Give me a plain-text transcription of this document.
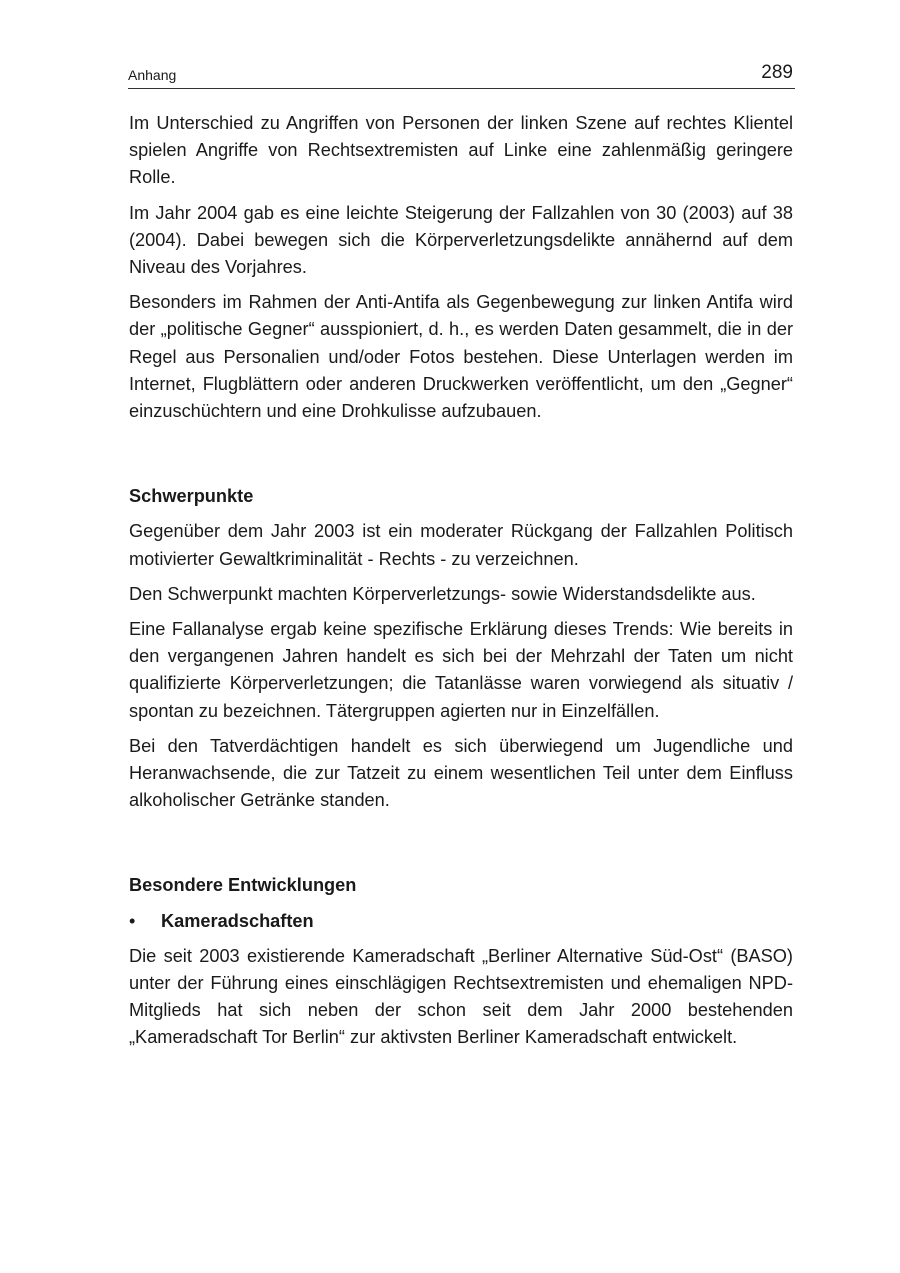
Anhang	289

Im Unterschied zu Angriffen von Personen der linken Szene auf rechtes Klientel spielen Angriffe von Rechtsextremisten auf Linke eine zahlenmäßig geringere Rolle.

Im Jahr 2004 gab es eine leichte Steigerung der Fallzahlen von 30 (2003) auf 38 (2004). Dabei bewegen sich die Körperverletzungsdelikte annähernd auf dem Niveau des Vorjahres.

Besonders im Rahmen der Anti-Antifa als Gegenbewegung zur linken Antifa wird der „politische Gegner“ ausspioniert, d. h., es werden Daten gesammelt, die in der Regel aus Personalien und/oder Fotos bestehen. Diese Unterlagen werden im Internet, Flugblättern oder anderen Druckwerken veröffentlicht, um den „Gegner“ einzuschüchtern und eine Drohkulisse aufzubauen.

Schwerpunkte

Gegenüber dem Jahr 2003 ist ein moderater Rückgang der Fallzahlen Politisch motivierter Gewaltkriminalität - Rechts - zu verzeichnen.

Den Schwerpunkt machten Körperverletzungs- sowie Widerstandsdelikte aus.

Eine Fallanalyse ergab keine spezifische Erklärung dieses Trends: Wie bereits in den vergangenen Jahren handelt es sich bei der Mehrzahl der Taten um nicht qualifizierte Körperverletzungen; die Tatanlässe waren vorwiegend als situativ / spontan zu bezeichnen. Tätergruppen agierten nur in Einzelfällen.

Bei den Tatverdächtigen handelt es sich überwiegend um Jugendliche und Heranwachsende, die zur Tatzeit zu einem wesentlichen Teil unter dem Einfluss alkoholischer Getränke standen.

Besondere Entwicklungen
•	Kameradschaften

Die seit 2003 existierende Kameradschaft „Berliner Alternative Süd-Ost“ (BASO) unter der Führung eines einschlägigen Rechtsextremisten und ehemaligen NPD-Mitglieds hat sich neben der schon seit dem Jahr 2000 bestehenden „Kameradschaft Tor Berlin“ zur aktivsten Berliner Kameradschaft entwickelt.
